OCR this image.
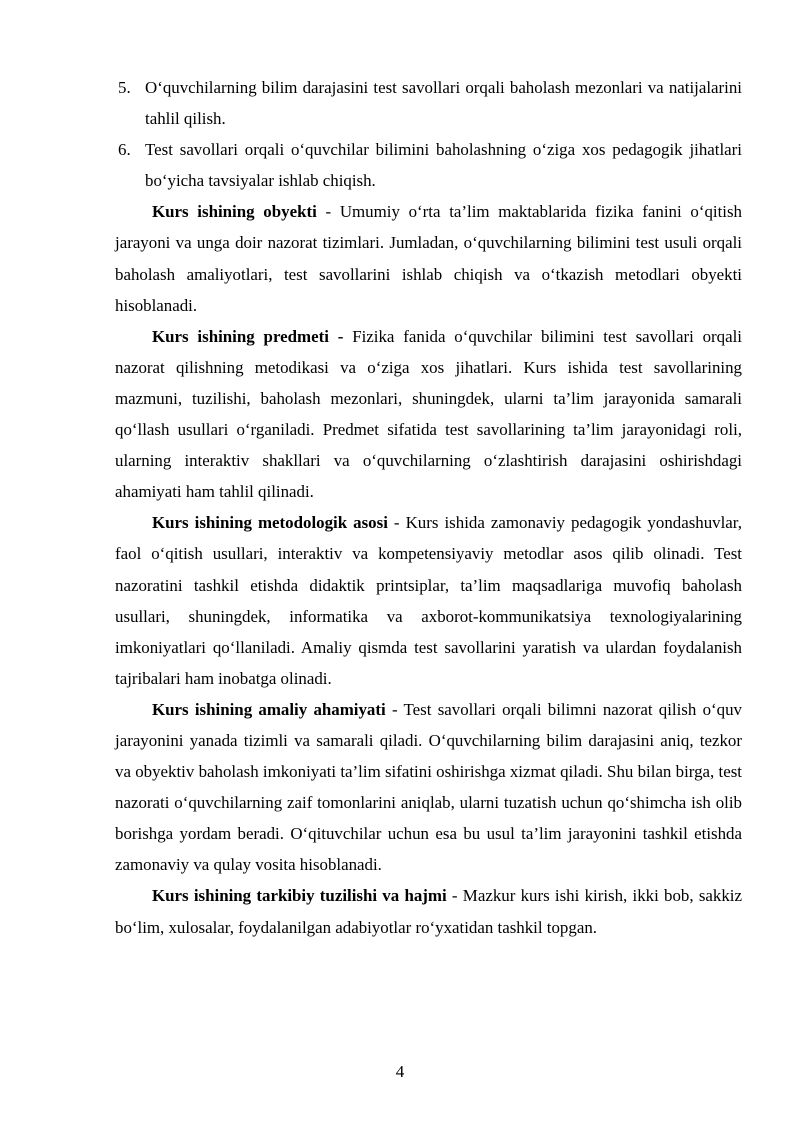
5. O‘quvchilarning bilim darajasini test savollari orqali baholash mezonlari va natijalarini tahlil qilish.
6. Test savollari orqali o‘quvchilar bilimini baholashning o‘ziga xos pedagogik jihatlari bo‘yicha tavsiyalar ishlab chiqish.

Kurs ishining obyekti - Umumiy o‘rta ta’lim maktablarida fizika fanini o‘qitish jarayoni va unga doir nazorat tizimlari. Jumladan, o‘quvchilarning bilimini test usuli orqali baholash amaliyotlari, test savollarini ishlab chiqish va o‘tkazish metodlari obyekti hisoblanadi.

Kurs ishining predmeti - Fizika fanida o‘quvchilar bilimini test savollari orqali nazorat qilishning metodikasi va o‘ziga xos jihatlari. Kurs ishida test savollarining mazmuni, tuzilishi, baholash mezonlari, shuningdek, ularni ta’lim jarayonida samarali qo‘llash usullari o‘rganiladi. Predmet sifatida test savollarining ta’lim jarayonidagi roli, ularning interaktiv shakllari va o‘quvchilarning o‘zlashtirish darajasini oshirishdagi ahamiyati ham tahlil qilinadi.

Kurs ishining metodologik asosi - Kurs ishida zamonaviy pedagogik yondashuvlar, faol o‘qitish usullari, interaktiv va kompetensiyaviy metodlar asos qilib olinadi. Test nazoratini tashkil etishda didaktik printsiplar, ta’lim maqsadlariga muvofiq baholash usullari, shuningdek, informatika va axborot-kommunikatsiya texnologiyalarining imkoniyatlari qo‘llaniladi. Amaliy qismda test savollarini yaratish va ulardan foydalanish tajribalari ham inobatga olinadi.

Kurs ishining amaliy ahamiyati - Test savollari orqali bilimni nazorat qilish o‘quv jarayonini yanada tizimli va samarali qiladi. O‘quvchilarning bilim darajasini aniq, tezkor va obyektiv baholash imkoniyati ta’lim sifatini oshirishga xizmat qiladi. Shu bilan birga, test nazorati o‘quvchilarning zaif tomonlarini aniqlab, ularni tuzatish uchun qo‘shimcha ish olib borishga yordam beradi. O‘qituvchilar uchun esa bu usul ta’lim jarayonini tashkil etishda zamonaviy va qulay vosita hisoblanadi.

Kurs ishining tarkibiy tuzilishi va hajmi - Mazkur kurs ishi kirish, ikki bob, sakkiz bo‘lim, xulosalar, foydalanilgan adabiyotlar ro‘yxatidan tashkil topgan.

4
